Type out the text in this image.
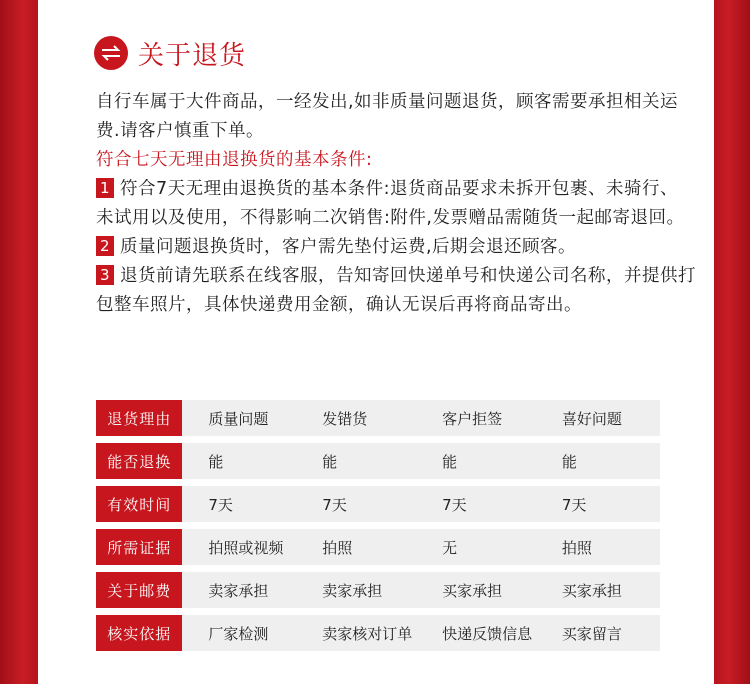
关于退货

自行车属于大件商品，一经发出,如非质量问题退货，顾客需要承担相关运费.请客户慎重下单。

符合七天无理由退换货的基本条件:

1 符合7天无理由退换货的基本条件:退货商品要求未拆开包裹、未骑行、未试用以及使用，不得影响二次销售:附件,发票赠品需随货一起邮寄退回。

2 质量问题退换货时，客户需先垫付运费,后期会退还顾客。

3 退货前请先联系在线客服，告知寄回快递单号和快递公司名称，并提供打包整车照片，具体快递费用金额，确认无误后再将商品寄出。

退货理由	质量问题	发错货	客户拒签	喜好问题
能否退换	能	能	能	能
有效时间	7天	7天	7天	7天
所需证据	拍照或视频	拍照	无	拍照
关于邮费	卖家承担	卖家承担	买家承担	买家承担
核实依据	厂家检测	卖家核对订单	快递反馈信息	买家留言
